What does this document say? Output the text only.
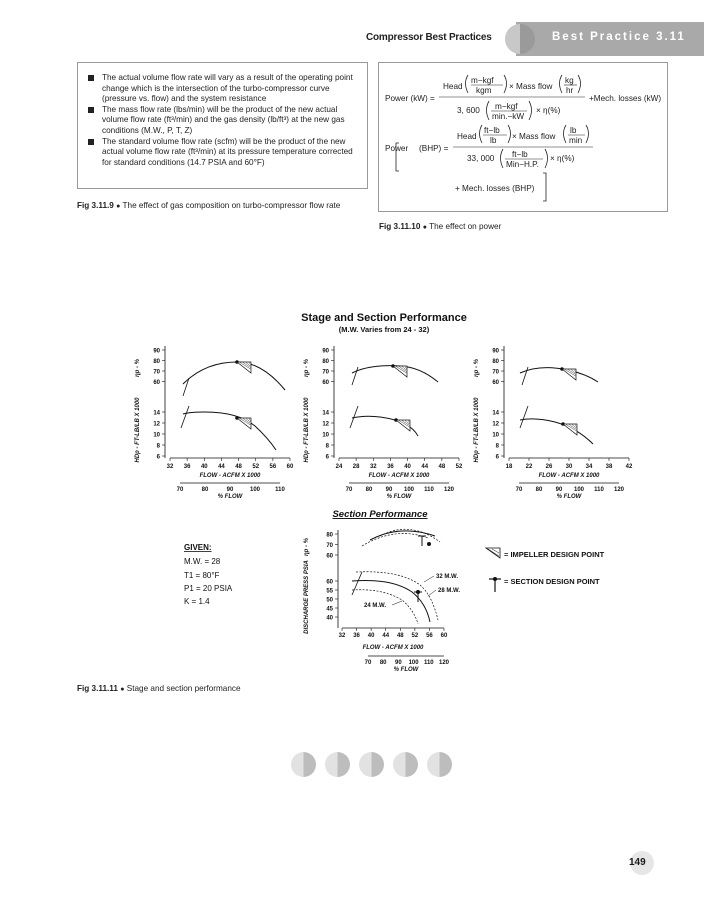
Compressor Best Practices	Best Practice 3.11
The actual volume flow rate will vary as a result of the operating point change which is the intersection of the turbo-compressor curve (pressure vs. flow) and the system resistance
The mass flow rate (lbs/min) will be the product of the new actual volume flow rate (ft³/min) and the gas density (lb/ft³) at the new gas conditions (M.W., P, T, Z)
The standard volume flow rate (scfm) will be the product of the new actual volume flow rate (ft³/min) at its pressure temperature corrected for standard conditions (14.7 PSIA and 60°F)
Fig 3.11.9 ● The effect of gas composition on turbo-compressor flow rate
Power (kW) =
Head
m−kgf
kgm × Mass flow
kg
hr
+Mech. losses (kW)
3, 600 m−kgf
min.−kW
× η(%)
Power (BHP) =
Head
ft−lb
lb × Mass flow
lb
min
33, 000 ft−lb
Min−H.P.
× η(%)
+ Mech. losses (BHP)
Fig 3.11.10 ● The effect on power
Stage and Section Performance
(M.W. Varies from 24 - 32)
90
80
70
60
14
12
10
8
6
ηp - %
HDp - FT-LB/LB X 1000
32 36 40 44 48 52 56 60
FLOW - ACFM X 1000
70	80	90	100	110
% FLOW
90
80
70
60
14
12
10
8
6
ηp - %
HDp - FT-LB/LB X 1000
24 28 32 36 40 44 48 52
FLOW - ACFM X 1000
70 80 90 100 110 120
% FLOW
90
80
70
60
14
12
10
8
6
ηp - %
HDp - FT-LB/LB X 1000
18 22 26 30 34 38 42
FLOW - ACFM X 1000
70 80 90 100 110 120
% FLOW
Section Performance
GIVEN:
M.W. = 28
T1 = 80°F
P1 = 20 PSIA
K = 1.4
80
70
60
60
55
50
45
40
ηp - %
DISCHARGE PRESS PSIA
32 36 40 44 48 52 56 60
FLOW - ACFM X 1000
70 80 90 100 110 120
% FLOW
32 M.W.
28 M.W.
24 M.W.
= IMPELLER DESIGN POINT
= SECTION DESIGN POINT
Fig 3.11.11 ● Stage and section performance
149
